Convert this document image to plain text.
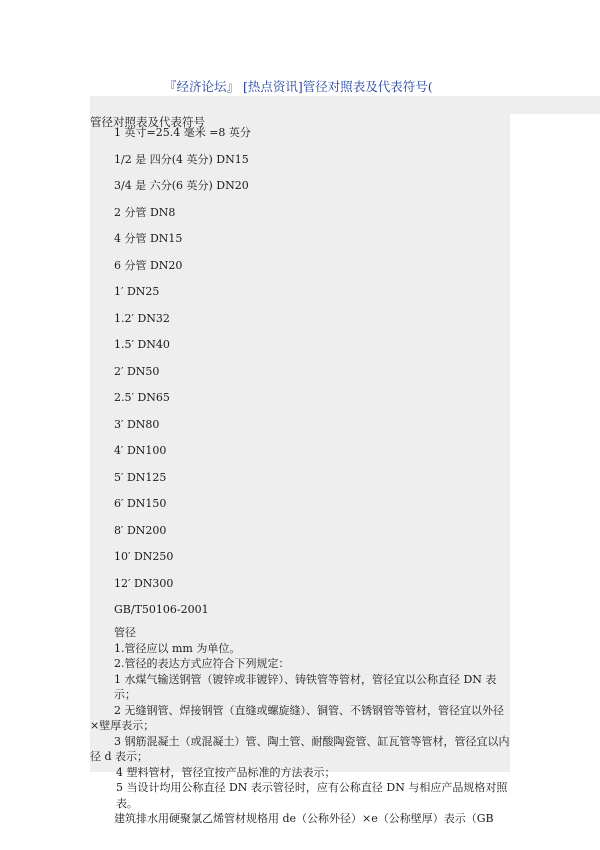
『经济论坛』 [热点资讯]管径对照表及代表符号(
管径对照表及代表符号
1 英寸=25.4 毫米 =8 英分
1/2 是 四分(4 英分) DN15
3/4 是 六分(6 英分) DN20
2 分管 DN8
4 分管 DN15
6 分管 DN20
1′ DN25
1.2′ DN32
1.5′ DN40
2′ DN50
2.5′ DN65
3′ DN80
4′ DN100
5′ DN125
6′ DN150
8′ DN200
10′ DN250
12′ DN300
GB/T50106-2001
管径
1.管径应以 mm 为单位。
2.管径的表达方式应符合下列规定：
1 水煤气输送钢管（镀锌或非镀锌）、铸铁管等管材，管径宜以公称直径 DN 表示；
2 无缝钢管、焊接钢管（直缝或螺旋缝）、铜管、不锈钢管等管材，管径宜以外径×壁厚表示；
3 钢筋混凝土（或混凝土）管、陶土管、耐酸陶瓷管、缸瓦管等管材，管径宜以内径 d 表示；
4 塑料管材，管径宜按产品标准的方法表示；
5 当设计均用公称直径 DN 表示管径时，应有公称直径 DN 与相应产品规格对照表。
建筑排水用硬聚氯乙烯管材规格用 de（公称外径）×e（公称壁厚）表示（GB
